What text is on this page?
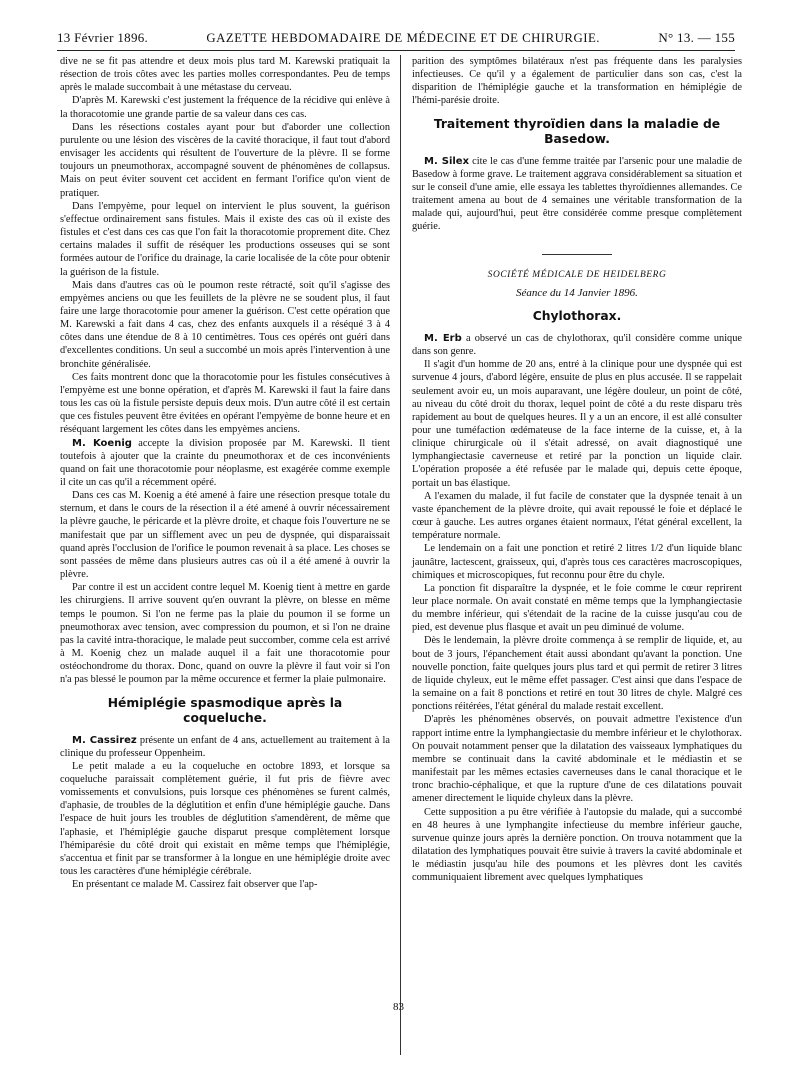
13 Février 1896.	GAZETTE HEBDOMADAIRE DE MÉDECINE ET DE CHIRURGIE.	N° 13. — 155

dive ne se fit pas attendre et deux mois plus tard M. Karewski pratiquait la résection de trois côtes avec les parties molles correspondantes. Peu de temps après le malade succombait à une métastase du cerveau.

D'après M. Karewski c'est justement la fréquence de la récidive qui enlève à la thoracotomie une grande partie de sa valeur dans ces cas.

Dans les résections costales ayant pour but d'aborder une collection purulente ou une lésion des viscères de la cavité thoracique, il faut tout d'abord envisager les accidents qui résultent de l'ouverture de la plèvre. Il se forme toujours un pneumothorax, accompagné souvent de phénomènes de collapsus. Mais on peut éviter souvent cet accident en fermant l'orifice qu'on vient de pratiquer.

Dans l'empyème, pour lequel on intervient le plus souvent, la guérison s'effectue ordinairement sans fistules. Mais il existe des cas où il existe des fistules et c'est dans ces cas que l'on fait la thoracotomie proprement dite. Chez certains malades il suffit de réséquer les productions osseuses qui se sont formées autour de l'orifice du drainage, la carie localisée de la côte pour obtenir la guérison de la fistule.

Mais dans d'autres cas où le poumon reste rétracté, soit qu'il s'agisse des empyèmes anciens ou que les feuillets de la plèvre ne se soudent plus, il faut faire une large thoracotomie pour amener la guérison. C'est cette opération que M. Karewski a fait dans 4 cas, chez des enfants auxquels il a réséqué 3 à 4 côtes dans une étendue de 8 à 10 centimètres. Tous ces opérés ont guéri dans d'excellentes conditions. Un seul a succombé un mois après l'intervention à une bronchite généralisée.

Ces faits montrent donc que la thoracotomie pour les fistules consécutives à l'empyème est une bonne opération, et d'après M. Karewski il faut la faire dans tous les cas où la fistule persiste depuis deux mois. D'un autre côté il est certain que ces fistules peuvent être évitées en opérant l'empyème de bonne heure et en réséquant largement les côtes dans les empyèmes anciens.

M. Koenig accepte la division proposée par M. Karewski. Il tient toutefois à ajouter que la crainte du pneumothorax et de ces inconvénients quand on fait une thoracotomie pour néoplasme, est exagérée comme exemple il cite un cas qu'il a récemment opéré.

Dans ces cas M. Koenig a été amené à faire une résection presque totale du sternum, et dans le cours de la résection il a été amené à ouvrir nécessairement la plèvre gauche, le péricarde et la plèvre droite, et chaque fois l'ouverture ne se manifestait que par un sifflement avec un peu de dyspnée, qui disparaissait quand après l'occlusion de l'orifice le poumon revenait à sa place. Les choses se sont passées de même dans plusieurs autres cas où il a été amené à ouvrir la plèvre.

Par contre il est un accident contre lequel M. Koenig tient à mettre en garde les chirurgiens. Il arrive souvent qu'en ouvrant la plèvre, on blesse en même temps le poumon. Si l'on ne ferme pas la plaie du poumon il se forme un pneumothorax avec tension, avec compression du poumon, et si l'on ne draine pas la cavité intra-thoracique, le malade peut succomber, comme cela est arrivé à M. Koenig chez un malade auquel il a fait une thoracotomie pour ostéochondrome du thorax. Donc, quand on ouvre la plèvre il faut voir si l'on n'a pas blessé le poumon par la même occurence et fermer la plaie pulmonaire.

Hémiplégie spasmodique après la coqueluche.

M. Cassirez présente un enfant de 4 ans, actuellement au traitement à la clinique du professeur Oppenheim.

Le petit malade a eu la coqueluche en octobre 1893, et lorsque sa coqueluche paraissait complètement guérie, il fut pris de fièvre avec vomissements et convulsions, puis lorsque ces phénomènes se furent calmés, d'aphasie, de troubles de la déglutition et enfin d'une hémiplégie gauche. Dans l'espace de huit jours les troubles de déglutition s'amendèrent, de même que l'aphasie, et l'hémiplégie gauche disparut presque complètement lorsque l'hémiparésie du côté droit qui existait en même temps que l'hémiplégie, s'accentua et finit par se transformer à la longue en une hémiplégie droite avec tous les caractères d'une hémiplégie cérébrale.

En présentant ce malade M. Cassirez fait observer que l'ap-

parition des symptômes bilatéraux n'est pas fréquente dans les paralysies infectieuses. Ce qu'il y a également de particulier dans son cas, c'est la disparition de l'hémiplégie gauche et la transformation en hémiplégie de l'hémi-parésie droite.

Traitement thyroïdien dans la maladie de Basedow.

M. Silex cite le cas d'une femme traitée par l'arsenic pour une maladie de Basedow à forme grave. Le traitement aggrava considérablement sa situation et sur le conseil d'une amie, elle essaya les tablettes thyroïdiennes allemandes. Ce traitement amena au bout de 4 semaines une véritable transformation de la malade qui, aujourd'hui, peut être considérée comme presque complètement guérie.

SOCIÉTÉ MÉDICALE DE HEIDELBERG
Séance du 14 Janvier 1896.
Chylothorax.

M. Erb a observé un cas de chylothorax, qu'il considère comme unique dans son genre.

Il s'agit d'un homme de 20 ans, entré à la clinique pour une dyspnée qui est survenue 4 jours, d'abord légère, ensuite de plus en plus accusée. Il se rappelait seulement avoir eu, un mois auparavant, une légère douleur, un point de côté, au niveau du côté droit du thorax, lequel point de côté a du reste disparu très rapidement au bout de quelques heures. Il y a un an encore, il est allé consulter pour une tuméfaction œdémateuse de la face interne de la cuisse, et, à la clinique chirurgicale où il s'était adressé, on avait diagnostiqué une lymphangiectasie caverneuse et retiré par la ponction un liquide clair. L'opération proposée a été refusée par le malade qui, depuis cette époque, portait un bas élastique.

A l'examen du malade, il fut facile de constater que la dyspnée tenait à un vaste épanchement de la plèvre droite, qui avait repoussé le foie et déplacé le cœur à gauche. Les autres organes étaient normaux, l'état général excellent, la température normale.

Le lendemain on a fait une ponction et retiré 2 litres 1/2 d'un liquide blanc jaunâtre, lactescent, graisseux, qui, d'après tous ces caractères macroscopiques, chimiques et microscopiques, fut reconnu pour être du chyle.

La ponction fit disparaître la dyspnée, et le foie comme le cœur reprirent leur place normale. On avait constaté en même temps que la lymphangiectasie du membre inférieur, qui s'étendait de la racine de la cuisse jusqu'au cou de pied, est devenue plus flasque et avait un peu diminué de volume.

Dès le lendemain, la plèvre droite commença à se remplir de liquide, et, au bout de 3 jours, l'épanchement était aussi abondant qu'avant la ponction. Une nouvelle ponction, faite quelques jours plus tard et qui permit de retirer 3 litres de liquide chyleux, eut le même effet passager. C'est ainsi que dans l'espace de la semaine on a fait 8 ponctions et retiré en tout 30 litres de chyle. Malgré ces ponctions réitérées, l'état général du malade restait excellent.

D'après les phénomènes observés, on pouvait admettre l'existence d'un rapport intime entre la lymphangiectasie du membre inférieur et le chylothorax. On pouvait notamment penser que la dilatation des vaisseaux lymphatiques du membre se continuait dans la cavité abdominale et le médiastin et se manifestait par les mêmes ectasies caverneuses dans le canal thoracique et le tronc brachio-céphalique, et que la rupture d'une de ces dilatations pouvait amener directement le liquide chyleux dans la plèvre.

Cette supposition a pu être vérifiée à l'autopsie du malade, qui a succombé en 48 heures à une lymphangite infectieuse du membre inférieur gauche, survenue quinze jours après la dernière ponction. On trouva notamment que la dilatation des lymphatiques pouvait être suivie à travers la cavité abdominale et le médiastin jusqu'au hile des poumons et les plèvres dont les cavités communiquaient librement avec quelques lymphatiques

83
